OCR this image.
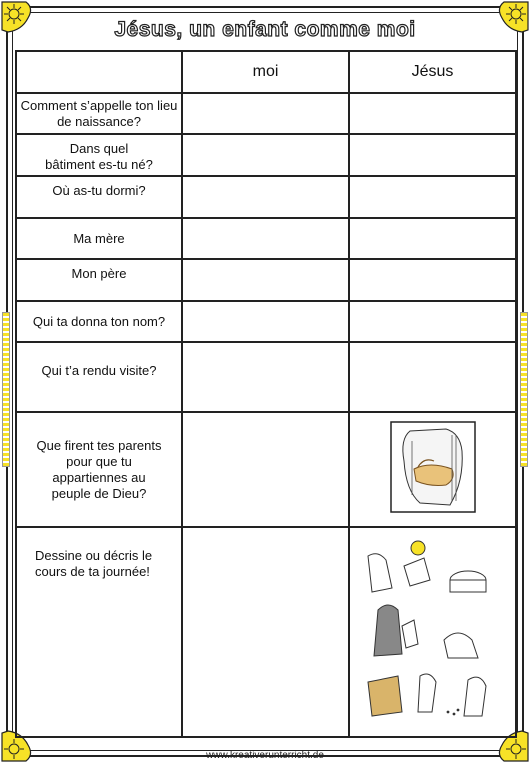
Jésus, un enfant comme moi
	moi	Jésus
Comment s’appelle ton lieu de naissance?		
Dans quel bâtiment es-tu né?		
Où as-tu dormi?		
Ma mère		
Mon père		
Qui ta donna ton nom?		
Qui t’a rendu visite?		
Que firent tes parents pour que tu appartiennes au peuple de Dieu?		
Dessine ou décris le cours de ta journée!		
www.kreativerunterricht.de
